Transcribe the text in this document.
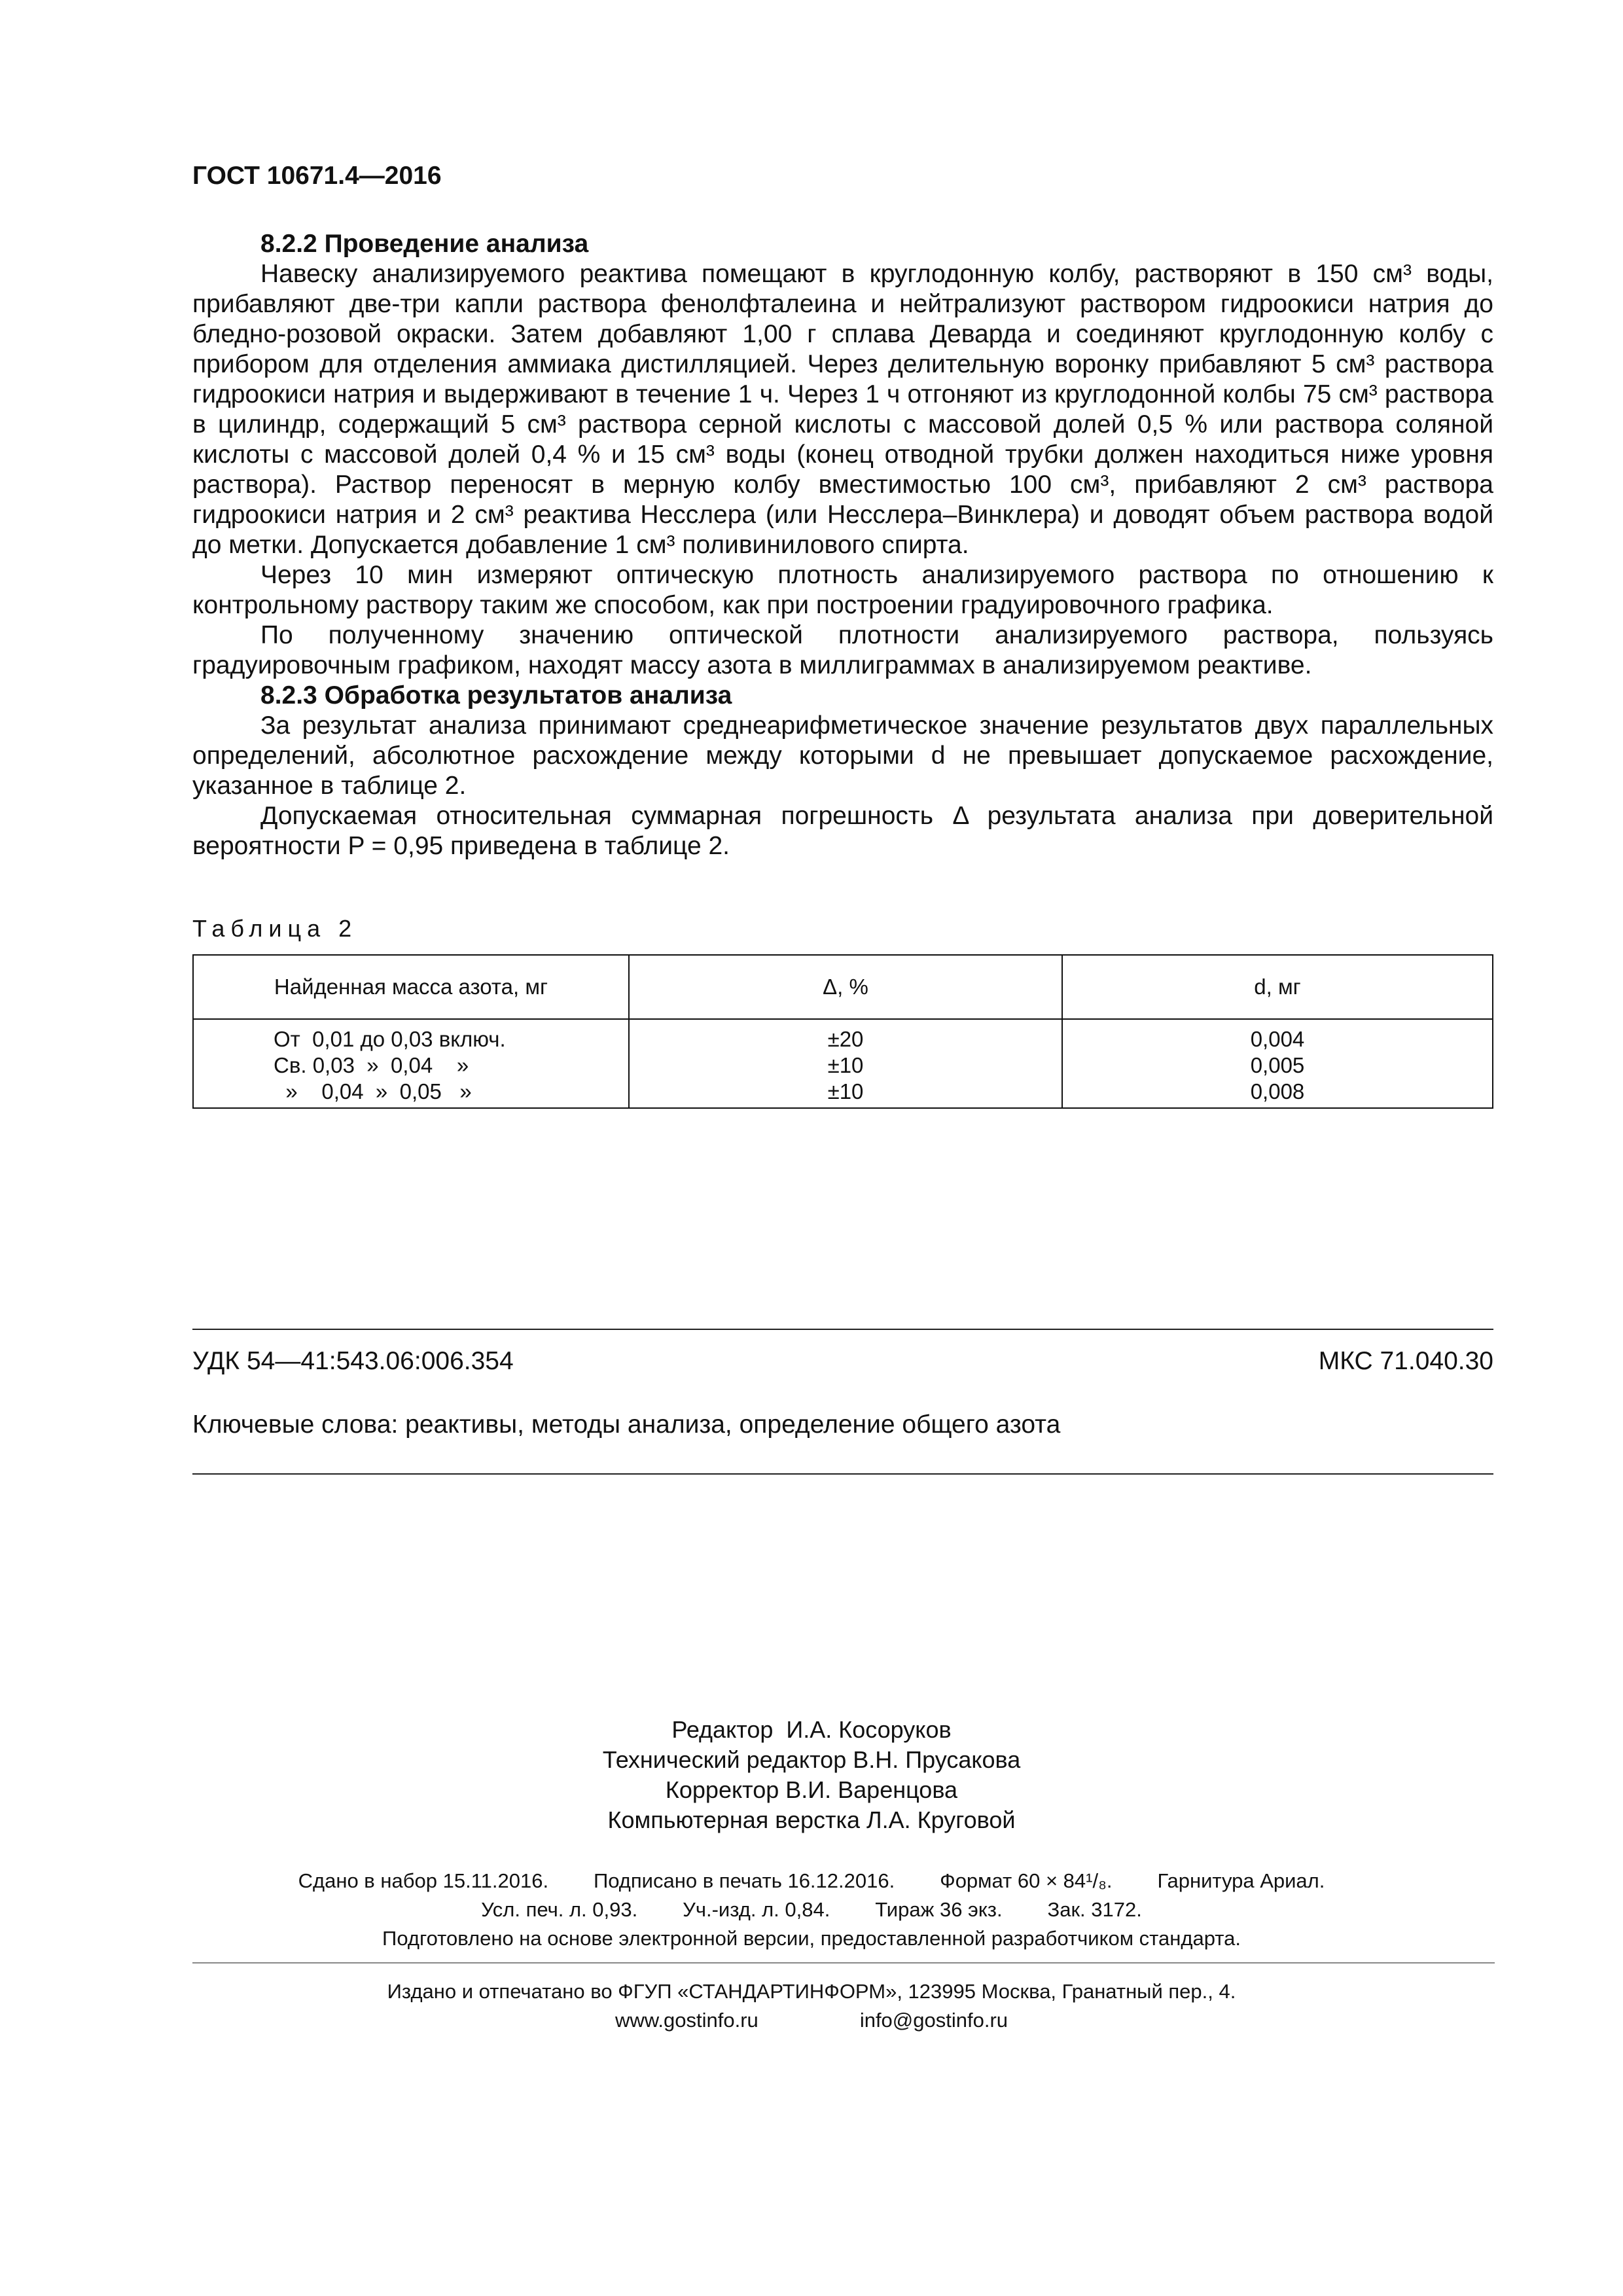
ГОСТ 10671.4—2016

8.2.2 Проведение анализа

Навеску анализируемого реактива помещают в круглодонную колбу, растворяют в 150 см³ воды, прибавляют две-три капли раствора фенолфталеина и нейтрализуют раствором гидроокиси натрия до бледно-розовой окраски. Затем добавляют 1,00 г сплава Деварда и соединяют круглодонную колбу с прибором для отделения аммиака дистилляцией. Через делительную воронку прибавляют 5 см³ раствора гидроокиси натрия и выдерживают в течение 1 ч. Через 1 ч отгоняют из круглодонной колбы 75 см³ раствора в цилиндр, содержащий 5 см³ раствора серной кислоты с массовой долей 0,5 % или раствора соляной кислоты с массовой долей 0,4 % и 15 см³ воды (конец отводной трубки должен находиться ниже уровня раствора). Раствор переносят в мерную колбу вместимостью 100 см³, прибавляют 2 см³ раствора гидроокиси натрия и 2 см³ реактива Несслера (или Несслера–Винклера) и доводят объем раствора водой до метки. Допускается добавление 1 см³ поливинилового спирта.

Через 10 мин измеряют оптическую плотность анализируемого раствора по отношению к контрольному раствору таким же способом, как при построении градуировочного графика.

По полученному значению оптической плотности анализируемого раствора, пользуясь градуировочным графиком, находят массу азота в миллиграммах в анализируемом реактиве.

8.2.3 Обработка результатов анализа

За результат анализа принимают среднеарифметическое значение результатов двух параллельных определений, абсолютное расхождение между которыми d не превышает допускаемое расхождение, указанное в таблице 2.

Допускаемая относительная суммарная погрешность Δ результата анализа при доверительной вероятности P = 0,95 приведена в таблице 2.

Таблица 2
Найденная масса азота, мг	Δ, %	d, мг
От  0,01 до 0,03 включ.	±20	0,004
Св. 0,03  »  0,04    »	±10	0,005
»    0,04  »  0,05   »	±10	0,008
УДК 54—41:543.06:006.354	МКС 71.040.30
Ключевые слова: реактивы, методы анализа, определение общего азота
Редактор  И.А. Косоруков
Технический редактор В.Н. Прусакова
Корректор В.И. Варенцова
Компьютерная верстка Л.А. Круговой
Сдано в набор 15.11.2016.        Подписано в печать 16.12.2016.        Формат 60 × 84¹/₈.        Гарнитура Ариал.
Усл. печ. л. 0,93.        Уч.-изд. л. 0,84.        Тираж 36 экз.        Зак. 3172.
Подготовлено на основе электронной версии, предоставленной разработчиком стандарта.
Издано и отпечатано во ФГУП «СТАНДАРТИНФОРМ», 123995 Москва, Гранатный пер., 4.
www.gostinfo.ru                  info@gostinfo.ru
